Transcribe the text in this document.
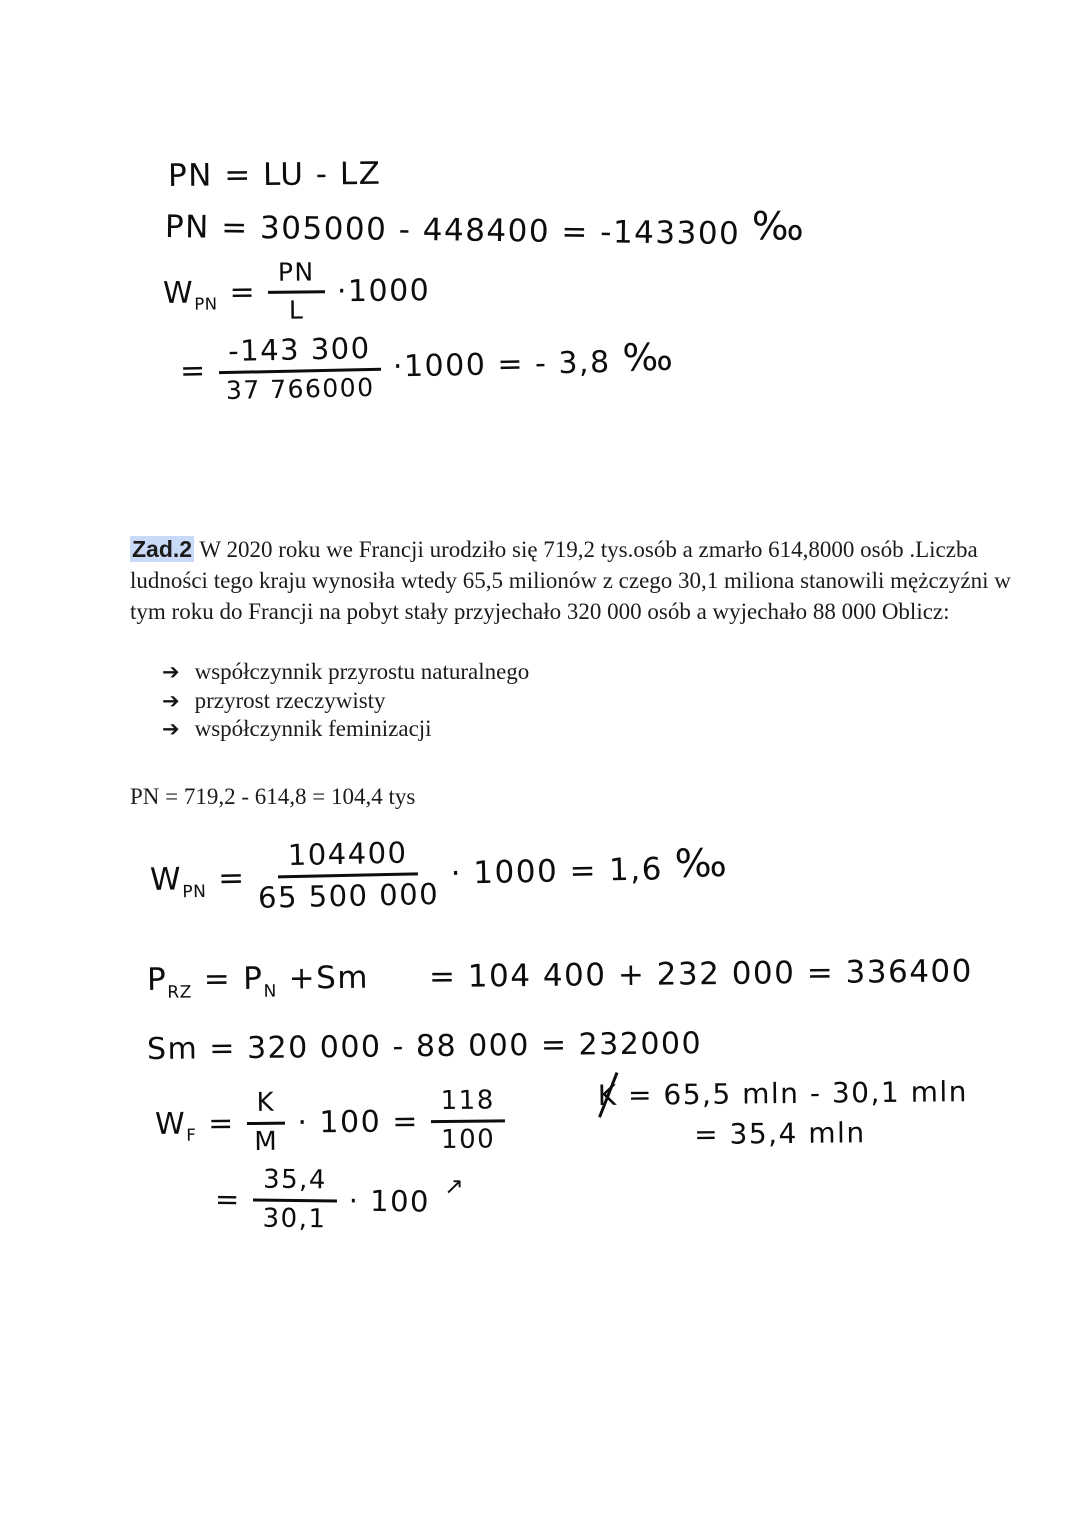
PN = LU - LZ
PN = 305000 - 448400 = -143300 ‰
$W_{PN} = \frac{PN}{L} \cdot 1000$
= $\frac{-143 300}{37 766000} \cdot 1000$ = - 3,8 ‰

Zad.2 W 2020 roku we Francji urodziło się 719,2 tys.osób a zmarło 614,8000 osób .Liczba ludności tego kraju wynosiła wtedy 65,5 milionów z czego 30,1 miliona stanowili mężczyźni w tym roku do Francji na pobyt stały przyjechało 320 000 osób a wyjechało 88 000 Oblicz:

➔ współczynnik przyrostu naturalnego
➔ przyrost rzeczywisty
➔ współczynnik feminizacji

PN = 719,2 - 614,8 = 104,4 tys

$W_{PN} = \frac{104400}{65 500 000} \cdot 1000 = 1,6$ ‰
$P_{RZ} = P_N +Sm = 104$ 400 + 232 000 = 336400
Sm = 320 000 - 88 000 = 232000
$W_F = \frac{K}{M} \cdot 100 = \frac{118}{100}$	K = 65,5 mln - 30,1 mln
= 35,4 mln
= $\frac{35,4}{30,1} \cdot 100$ ↗
